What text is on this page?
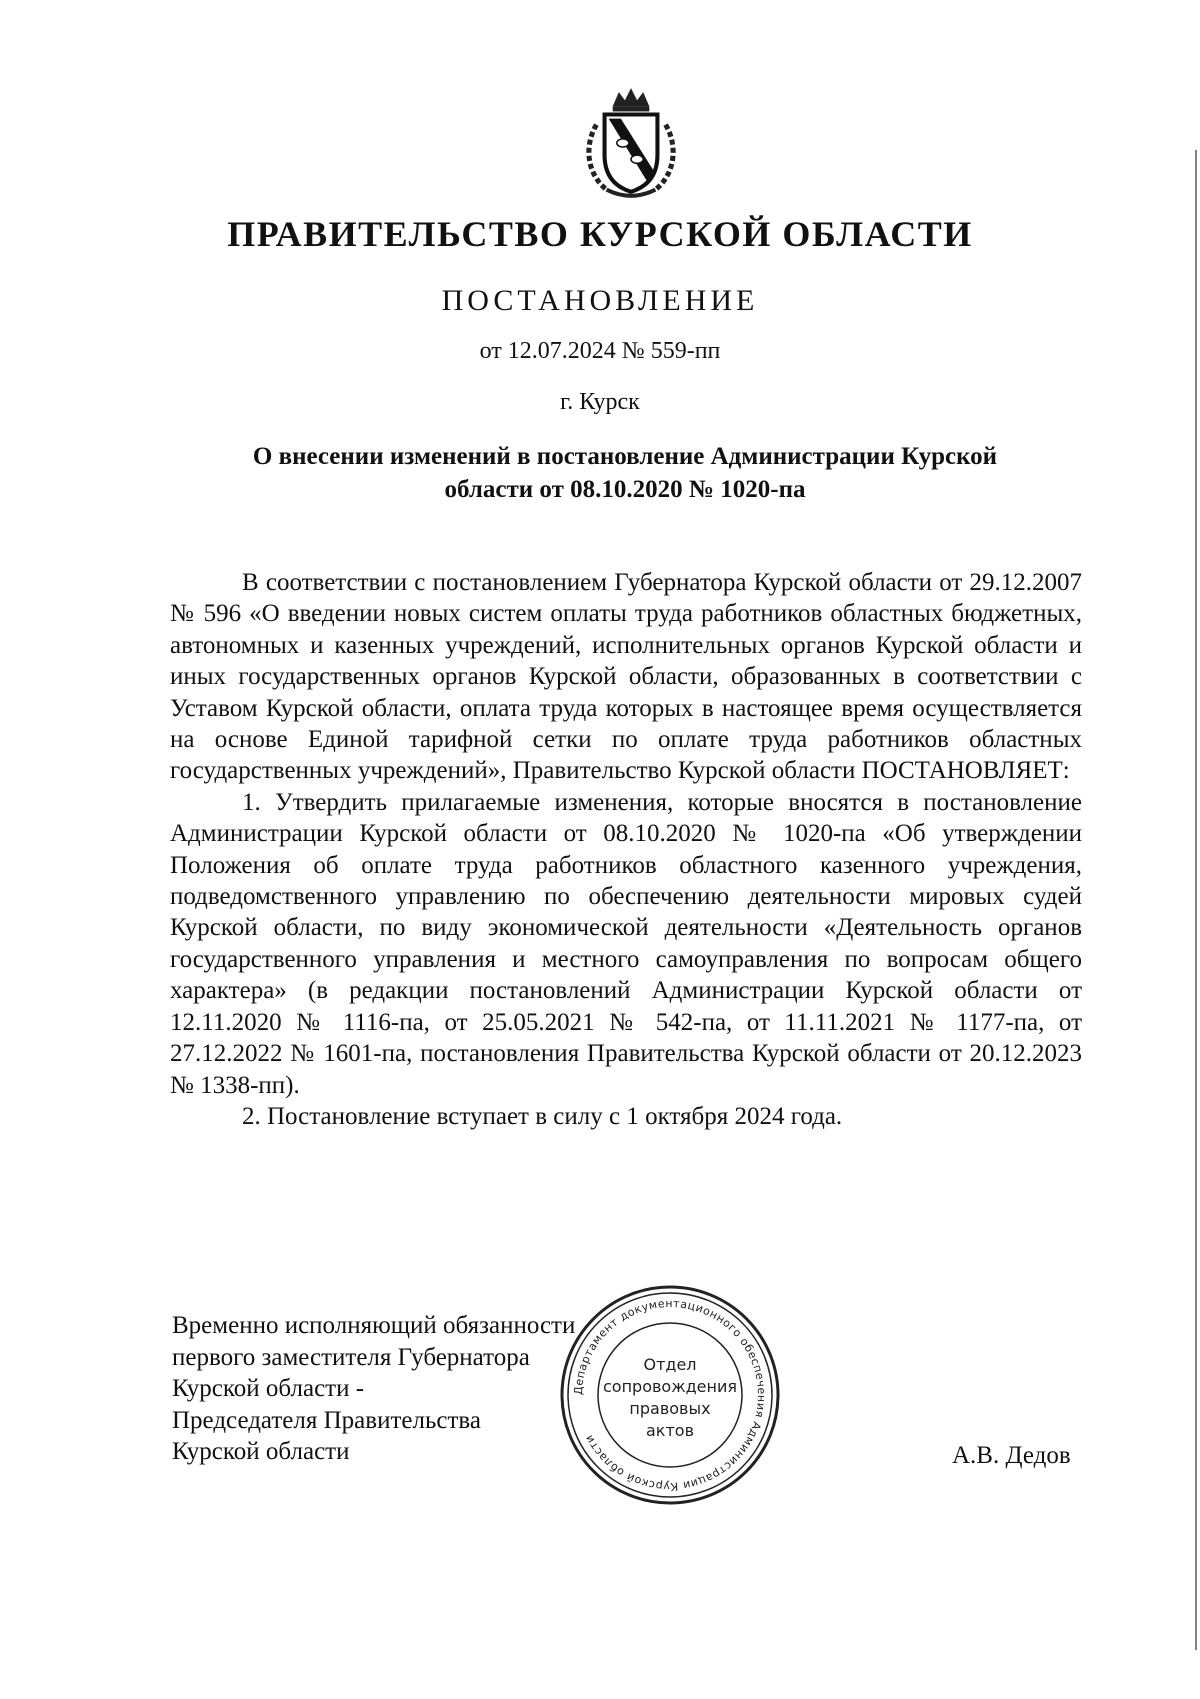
ПРАВИТЕЛЬСТВО КУРСКОЙ ОБЛАСТИ
ПОСТАНОВЛЕНИЕ
от 12.07.2024 № 559-пп
г. Курск
О внесении изменений в постановление Администрации Курской
области от 08.10.2020 № 1020-па

В соответствии с постановлением Губернатора Курской области от 29.12.2007 № 596 «О введении новых систем оплаты труда работников областных бюджетных, автономных и казенных учреждений, исполнительных органов Курской области и иных государственных органов Курской области, образованных в соответствии с Уставом Курской области, оплата труда которых в настоящее время осуществляется на основе Единой тарифной сетки по оплате труда работников областных государственных учреждений», Правительство Курской области ПОСТАНОВЛЯЕТ:

1. Утвердить прилагаемые изменения, которые вносятся в постановление Администрации Курской области от 08.10.2020 № 1020-па «Об утверждении Положения об оплате труда работников областного казенного учреждения, подведомственного управлению по обеспечению деятельности мировых судей Курской области, по виду экономической деятельности «Деятельность органов государственного управления и местного самоуправления по вопросам общего характера» (в редакции постановлений Администрации Курской области от 12.11.2020 № 1116-па, от 25.05.2021 № 542-па, от 11.11.2021 № 1177-па, от 27.12.2022 № 1601-па, постановления Правительства Курской области от 20.12.2023 № 1338-пп).

2. Постановление вступает в силу с 1 октября 2024 года.

Временно исполняющий обязанности
первого заместителя Губернатора
Курской области -
Председателя Правительства
Курской области	А.В. Дедов
Департамент документационного обеспечения Администрации Курской области
Отдел
сопровождения
правовых
актов
